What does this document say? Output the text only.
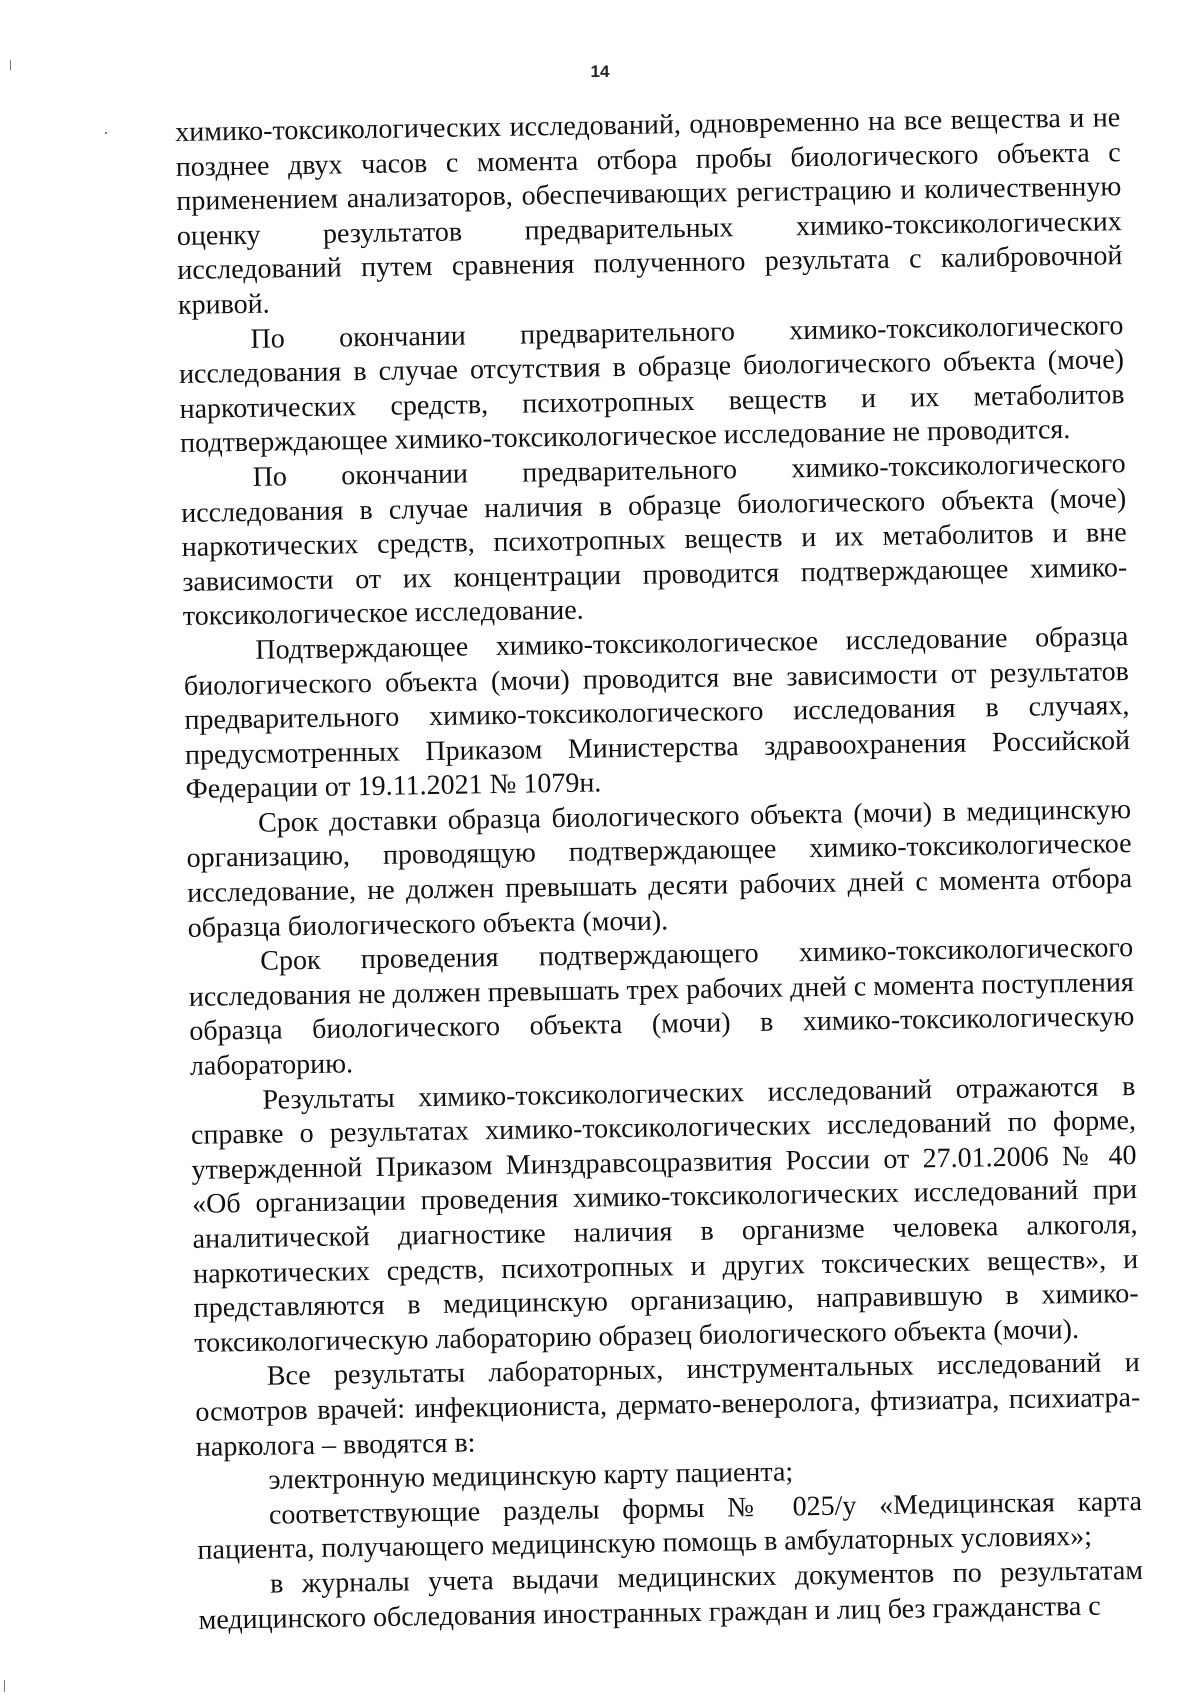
14

химико-токсикологических исследований, одновременно на все вещества и не позднее двух часов с момента отбора пробы биологического объекта с применением анализаторов, обеспечивающих регистрацию и количественную оценку результатов предварительных химико-токсикологических исследований путем сравнения полученного результата с калибровочной кривой.

По окончании предварительного химико-токсикологического исследования в случае отсутствия в образце биологического объекта (моче) наркотических средств, психотропных веществ и их метаболитов подтверждающее химико-токсикологическое исследование не проводится.

По окончании предварительного химико-токсикологического исследования в случае наличия в образце биологического объекта (моче) наркотических средств, психотропных веществ и их метаболитов и вне зависимости от их концентрации проводится подтверждающее химико-токсикологическое исследование.

Подтверждающее химико-токсикологическое исследование образца биологического объекта (мочи) проводится вне зависимости от результатов предварительного химико-токсикологического исследования в случаях, предусмотренных Приказом Министерства здравоохранения Российской Федерации от 19.11.2021 № 1079н.

Срок доставки образца биологического объекта (мочи) в медицинскую организацию, проводящую подтверждающее химико-токсикологическое исследование, не должен превышать десяти рабочих дней с момента отбора образца биологического объекта (мочи).

Срок проведения подтверждающего химико-токсикологического исследования не должен превышать трех рабочих дней с момента поступления образца биологического объекта (мочи) в химико-токсикологическую лабораторию.

Результаты химико-токсикологических исследований отражаются в справке о результатах химико-токсикологических исследований по форме, утвержденной Приказом Минздравсоцразвития России от 27.01.2006 № 40 «Об организации проведения химико-токсикологических исследований при аналитической диагностике наличия в организме человека алкоголя, наркотических средств, психотропных и других токсических веществ», и представляются в медицинскую организацию, направившую в химико-токсикологическую лабораторию образец биологического объекта (мочи).

Все результаты лабораторных, инструментальных исследований и осмотров врачей: инфекциониста, дермато-венеролога, фтизиатра, психиатра-нарколога – вводятся в:

электронную медицинскую карту пациента;

соответствующие разделы формы № 025/у «Медицинская карта пациента, получающего медицинскую помощь в амбулаторных условиях»;

в журналы учета выдачи медицинских документов по результатам медицинского обследования иностранных граждан и лиц без гражданства с
